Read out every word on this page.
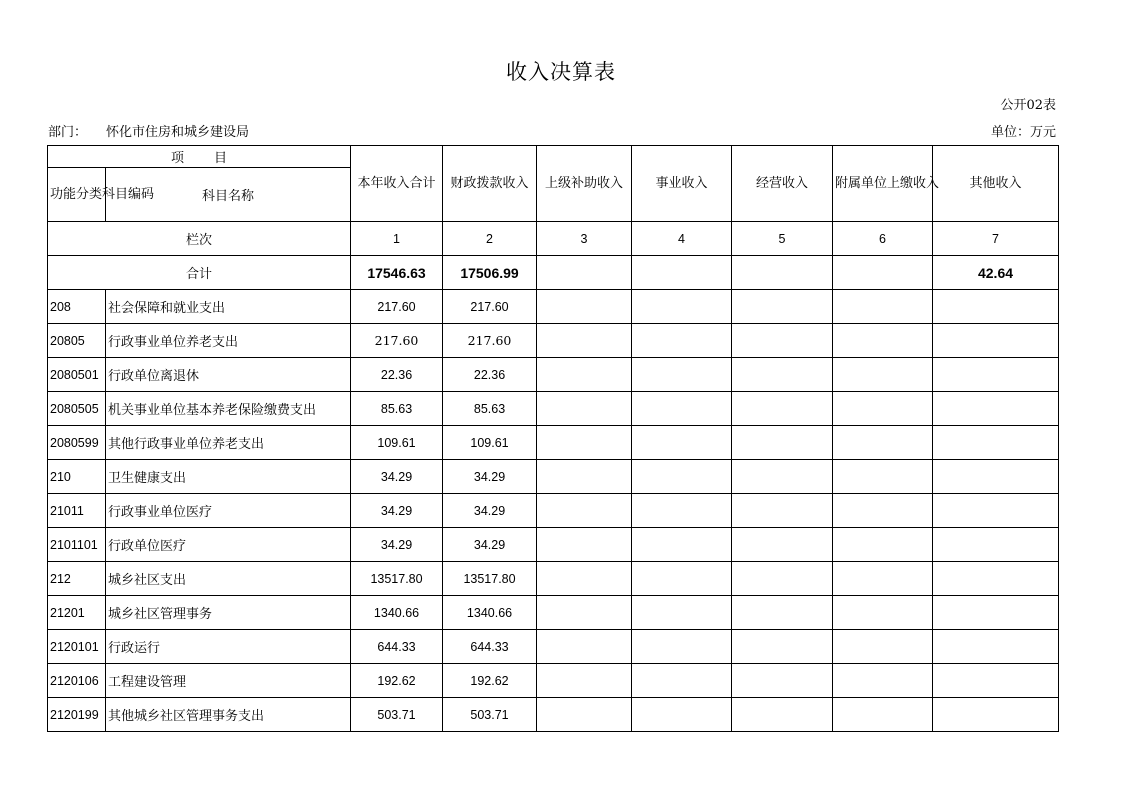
收入决算表
公开02表
部门： 怀化市住房和城乡建设局	单位：万元
项目		本年收入合计	财政拨款收入	上级补助收入	事业收入	经营收入	附属单位上缴收入	其他收入
功能分类科目编码	科目名称							
栏次		1	2	3	4	5	6	7
合计		17546.63	17506.99					42.64
208	社会保障和就业支出	217.60	217.60					
20805	行政事业单位养老支出	217.60	217.60					
2080501	行政单位离退休	22.36	22.36					
2080505	机关事业单位基本养老保险缴费支出	85.63	85.63					
2080599	其他行政事业单位养老支出	109.61	109.61					
210	卫生健康支出	34.29	34.29					
21011	行政事业单位医疗	34.29	34.29					
2101101	行政单位医疗	34.29	34.29					
212	城乡社区支出	13517.80	13517.80					
21201	城乡社区管理事务	1340.66	1340.66					
2120101	行政运行	644.33	644.33					
2120106	工程建设管理	192.62	192.62					
2120199	其他城乡社区管理事务支出	503.71	503.71					
